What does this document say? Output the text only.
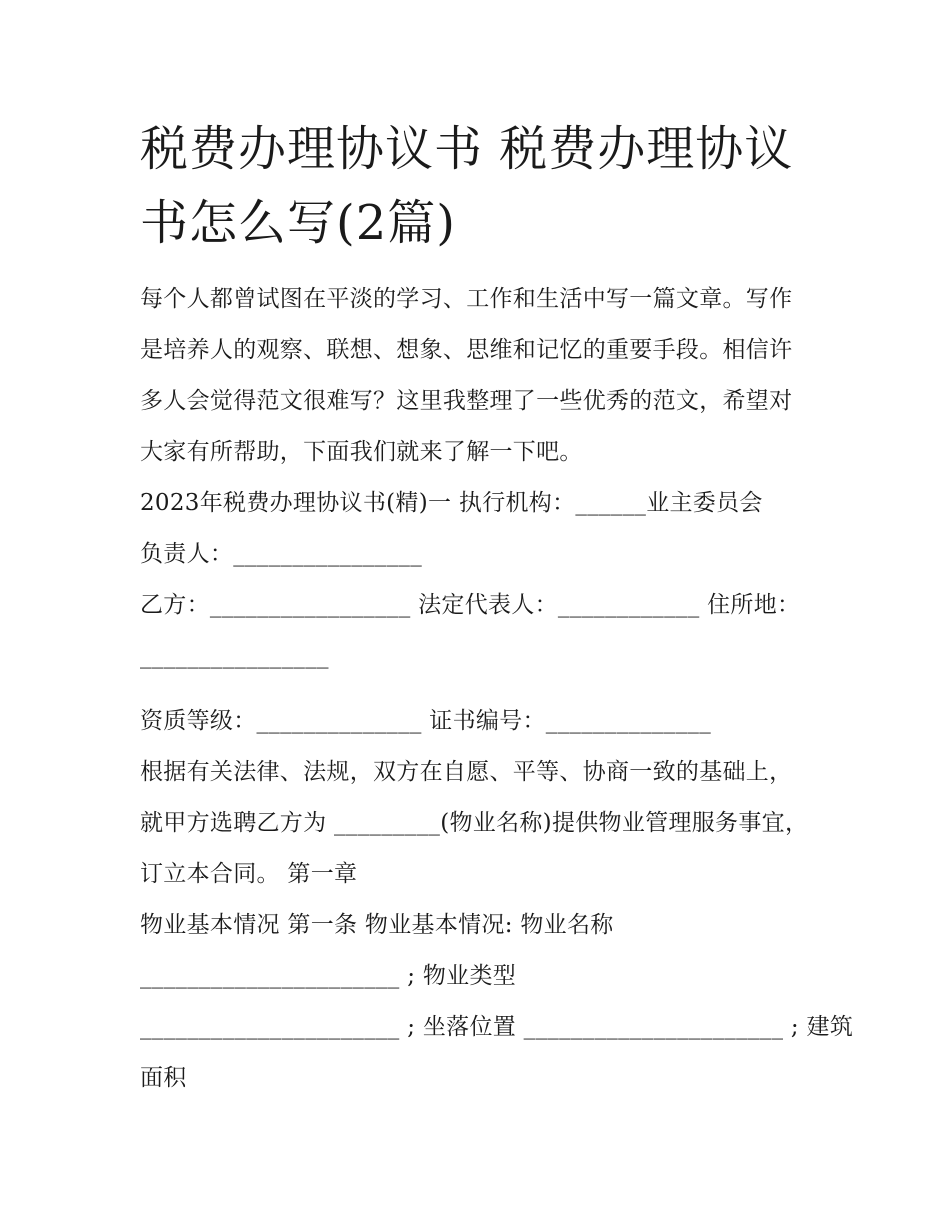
税费办理协议书 税费办理协议书怎么写(2篇)

每个人都曾试图在平淡的学习、工作和生活中写一篇文章。写作是培养人的观察、联想、想象、思维和记忆的重要手段。相信许多人会觉得范文很难写？这里我整理了一些优秀的范文，希望对大家有所帮助，下面我们就来了解一下吧。

2023年税费办理协议书(精)一 执行机构：______业主委员会

负责人：________________

乙方：_________________ 法定代表人：____________ 住所地：

________________

资质等级：______________ 证书编号：______________

根据有关法律、法规，双方在自愿、平等、协商一致的基础上，就甲方选聘乙方为 _________(物业名称)提供物业管理服务事宜，订立本合同。 第一章

物业基本情况 第一条 物业基本情况: 物业名称

______________________ ; 物业类型

______________________ ; 坐落位置 ______________________ ; 建筑

面积
